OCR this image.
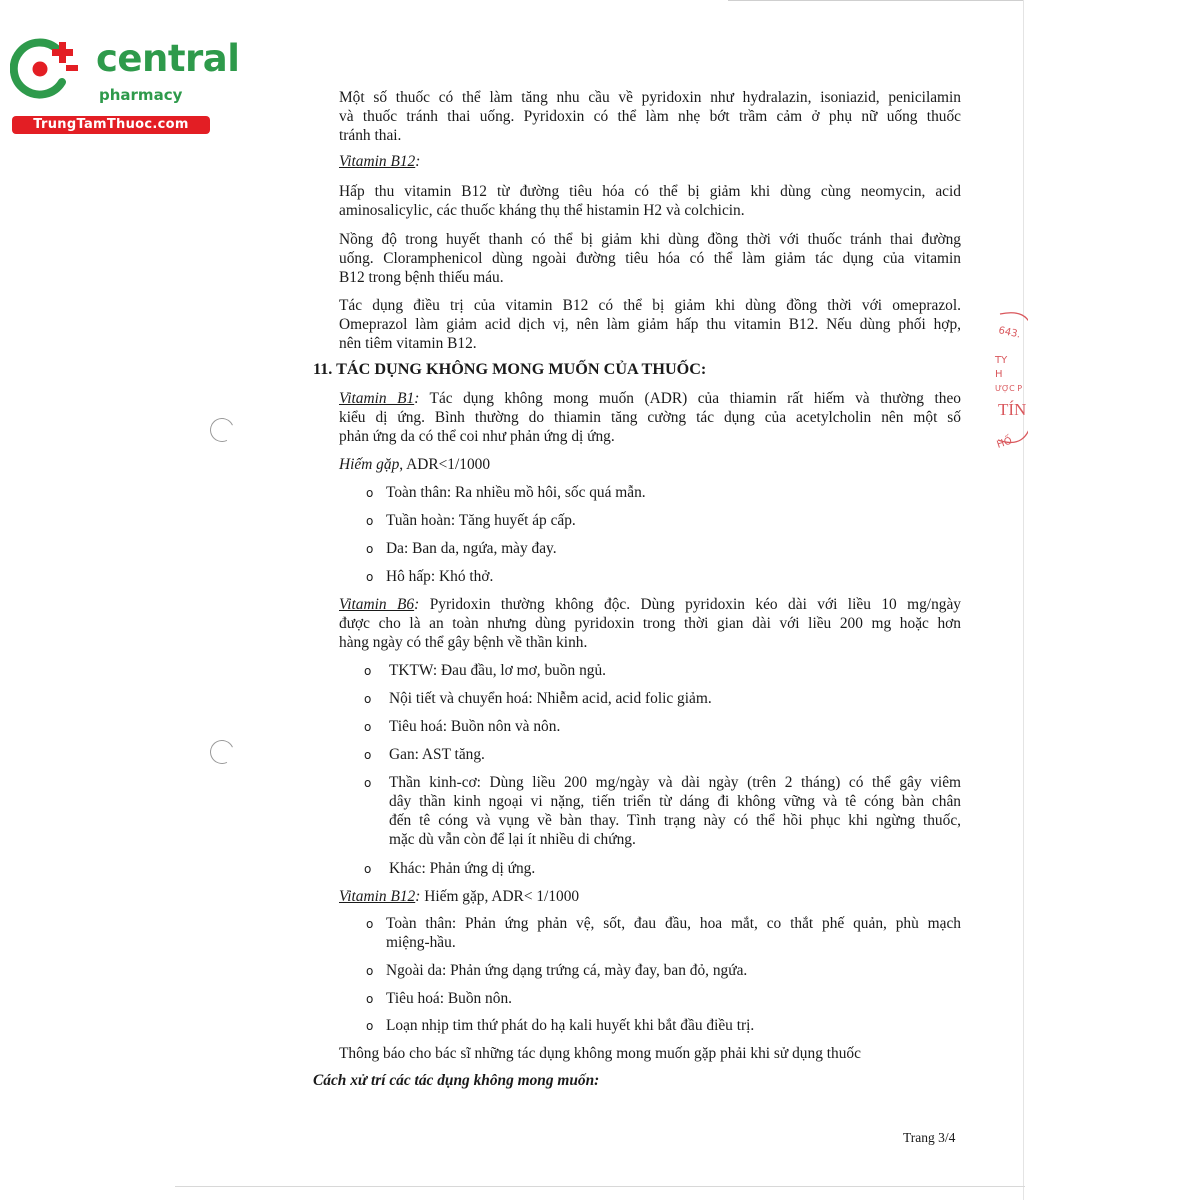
central
pharmacy
TrungTamThuoc.com
643.
TY
H
ƯỢC P
TÍN
HỐ
Một số thuốc có thể làm tăng nhu cầu về pyridoxin như hydralazin, isoniazid, penicilamin
và thuốc tránh thai uống. Pyridoxin có thể làm nhẹ bớt trầm cảm ở phụ nữ uống thuốc
tránh thai.
Vitamin B12:
Hấp thu vitamin B12 từ đường tiêu hóa có thể bị giảm khi dùng cùng neomycin, acid
aminosalicylic, các thuốc kháng thụ thể histamin H2 và colchicin.
Nồng độ trong huyết thanh có thể bị giảm khi dùng đồng thời với thuốc tránh thai đường
uống. Cloramphenicol dùng ngoài đường tiêu hóa có thể làm giảm tác dụng của vitamin
B12 trong bệnh thiếu máu.
Tác dụng điều trị của vitamin B12 có thể bị giảm khi dùng đồng thời với omeprazol.
Omeprazol làm giảm acid dịch vị, nên làm giảm hấp thu vitamin B12. Nếu dùng phối hợp,
nên tiêm vitamin B12.
11. TÁC DỤNG KHÔNG MONG MUỐN CỦA THUỐC:
Vitamin B1: Tác dụng không mong muốn (ADR) của thiamin rất hiếm và thường theo
kiểu dị ứng. Bình thường do thiamin tăng cường tác dụng của acetylcholin nên một số
phản ứng da có thể coi như phản ứng dị ứng.
Hiếm gặp, ADR<1/1000
o Toàn thân: Ra nhiều mồ hôi, sốc quá mẫn.
o Tuần hoàn: Tăng huyết áp cấp.
o Da: Ban da, ngứa, mày đay.
o Hô hấp: Khó thở.
Vitamin B6: Pyridoxin thường không độc. Dùng pyridoxin kéo dài với liều 10 mg/ngày
được cho là an toàn nhưng dùng pyridoxin trong thời gian dài với liều 200 mg hoặc hơn
hàng ngày có thể gây bệnh về thần kinh.
o TKTW: Đau đầu, lơ mơ, buồn ngủ.
o Nội tiết và chuyển hoá: Nhiễm acid, acid folic giảm.
o Tiêu hoá: Buồn nôn và nôn.
o Gan: AST tăng.
o Thần kinh-cơ: Dùng liều 200 mg/ngày và dài ngày (trên 2 tháng) có thể gây viêm
dây thần kinh ngoại vi nặng, tiến triển từ dáng đi không vững và tê cóng bàn chân
đến tê cóng và vụng về bàn thay. Tình trạng này có thể hồi phục khi ngừng thuốc,
mặc dù vẫn còn để lại ít nhiều di chứng.
o Khác: Phản ứng dị ứng.
Vitamin B12: Hiếm gặp, ADR< 1/1000
o Toàn thân: Phản ứng phản vệ, sốt, đau đầu, hoa mắt, co thắt phế quản, phù mạch
miệng-hầu.
o Ngoài da: Phản ứng dạng trứng cá, mày đay, ban đỏ, ngứa.
o Tiêu hoá: Buồn nôn.
o Loạn nhịp tim thứ phát do hạ kali huyết khi bắt đầu điều trị.
Thông báo cho bác sĩ những tác dụng không mong muốn gặp phải khi sử dụng thuốc
Cách xử trí các tác dụng không mong muốn:
Trang 3/4
